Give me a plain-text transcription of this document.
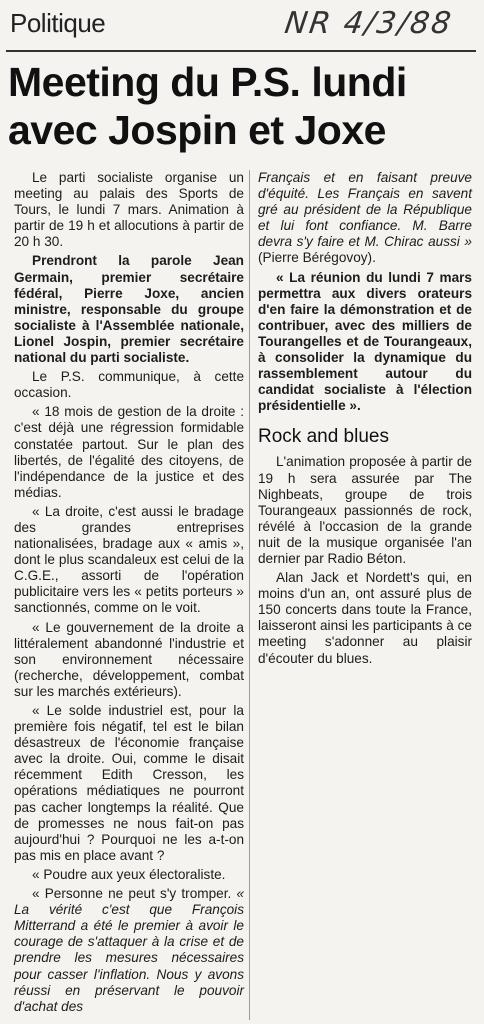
Politique	NR 4/3/88
Meeting du P.S. lundi
avec Jospin et Joxe

Le parti socialiste organise un meeting au palais des Sports de Tours, le lundi 7 mars. Animation à partir de 19 h et allocutions à partir de 20 h 30.

Prendront la parole Jean Germain, premier secrétaire fédéral, Pierre Joxe, ancien ministre, responsable du groupe socialiste à l'Assemblée nationale, Lionel Jospin, premier secrétaire national du parti socialiste.

Le P.S. communique, à cette occasion.

« 18 mois de gestion de la droite : c'est déjà une régression formidable constatée partout. Sur le plan des libertés, de l'égalité des citoyens, de l'indépendance de la justice et des médias.

« La droite, c'est aussi le bradage des grandes entreprises nationalisées, bradage aux « amis », dont le plus scandaleux est celui de la C.G.E., assorti de l'opération publicitaire vers les « petits porteurs » sanctionnés, comme on le voit.

« Le gouvernement de la droite a littéralement abandonné l'industrie et son environnement nécessaire (recherche, développement, combat sur les marchés extérieurs).

« Le solde industriel est, pour la première fois négatif, tel est le bilan désastreux de l'économie française avec la droite. Oui, comme le disait récemment Edith Cresson, les opérations médiatiques ne pourront pas cacher longtemps la réalité. Que de promesses ne nous fait-on pas aujourd'hui ? Pourquoi ne les a-t-on pas mis en place avant ?

« Poudre aux yeux électoraliste.

« Personne ne peut s'y tromper. « La vérité c'est que François Mitterrand a été le premier à avoir le courage de s'attaquer à la crise et de prendre les mesures nécessaires pour casser l'inflation. Nous y avons réussi en préservant le pouvoir d'achat des

Français et en faisant preuve d'équité. Les Français en savent gré au président de la République et lui font confiance. M. Barre devra s'y faire et M. Chirac aussi » (Pierre Bérégovoy).

« La réunion du lundi 7 mars permettra aux divers orateurs d'en faire la démonstration et de contribuer, avec des milliers de Tourangelles et de Tourangeaux, à consolider la dynamique du rassemblement autour du candidat socialiste à l'élection présidentielle ».

Rock and blues

L'animation proposée à partir de 19 h sera assurée par The Nighbeats, groupe de trois Tourangeaux passionnés de rock, révélé à l'occasion de la grande nuit de la musique organisée l'an dernier par Radio Béton.

Alan Jack et Nordett's qui, en moins d'un an, ont assuré plus de 150 concerts dans toute la France, laisseront ainsi les participants à ce meeting s'adonner au plaisir d'écouter du blues.
